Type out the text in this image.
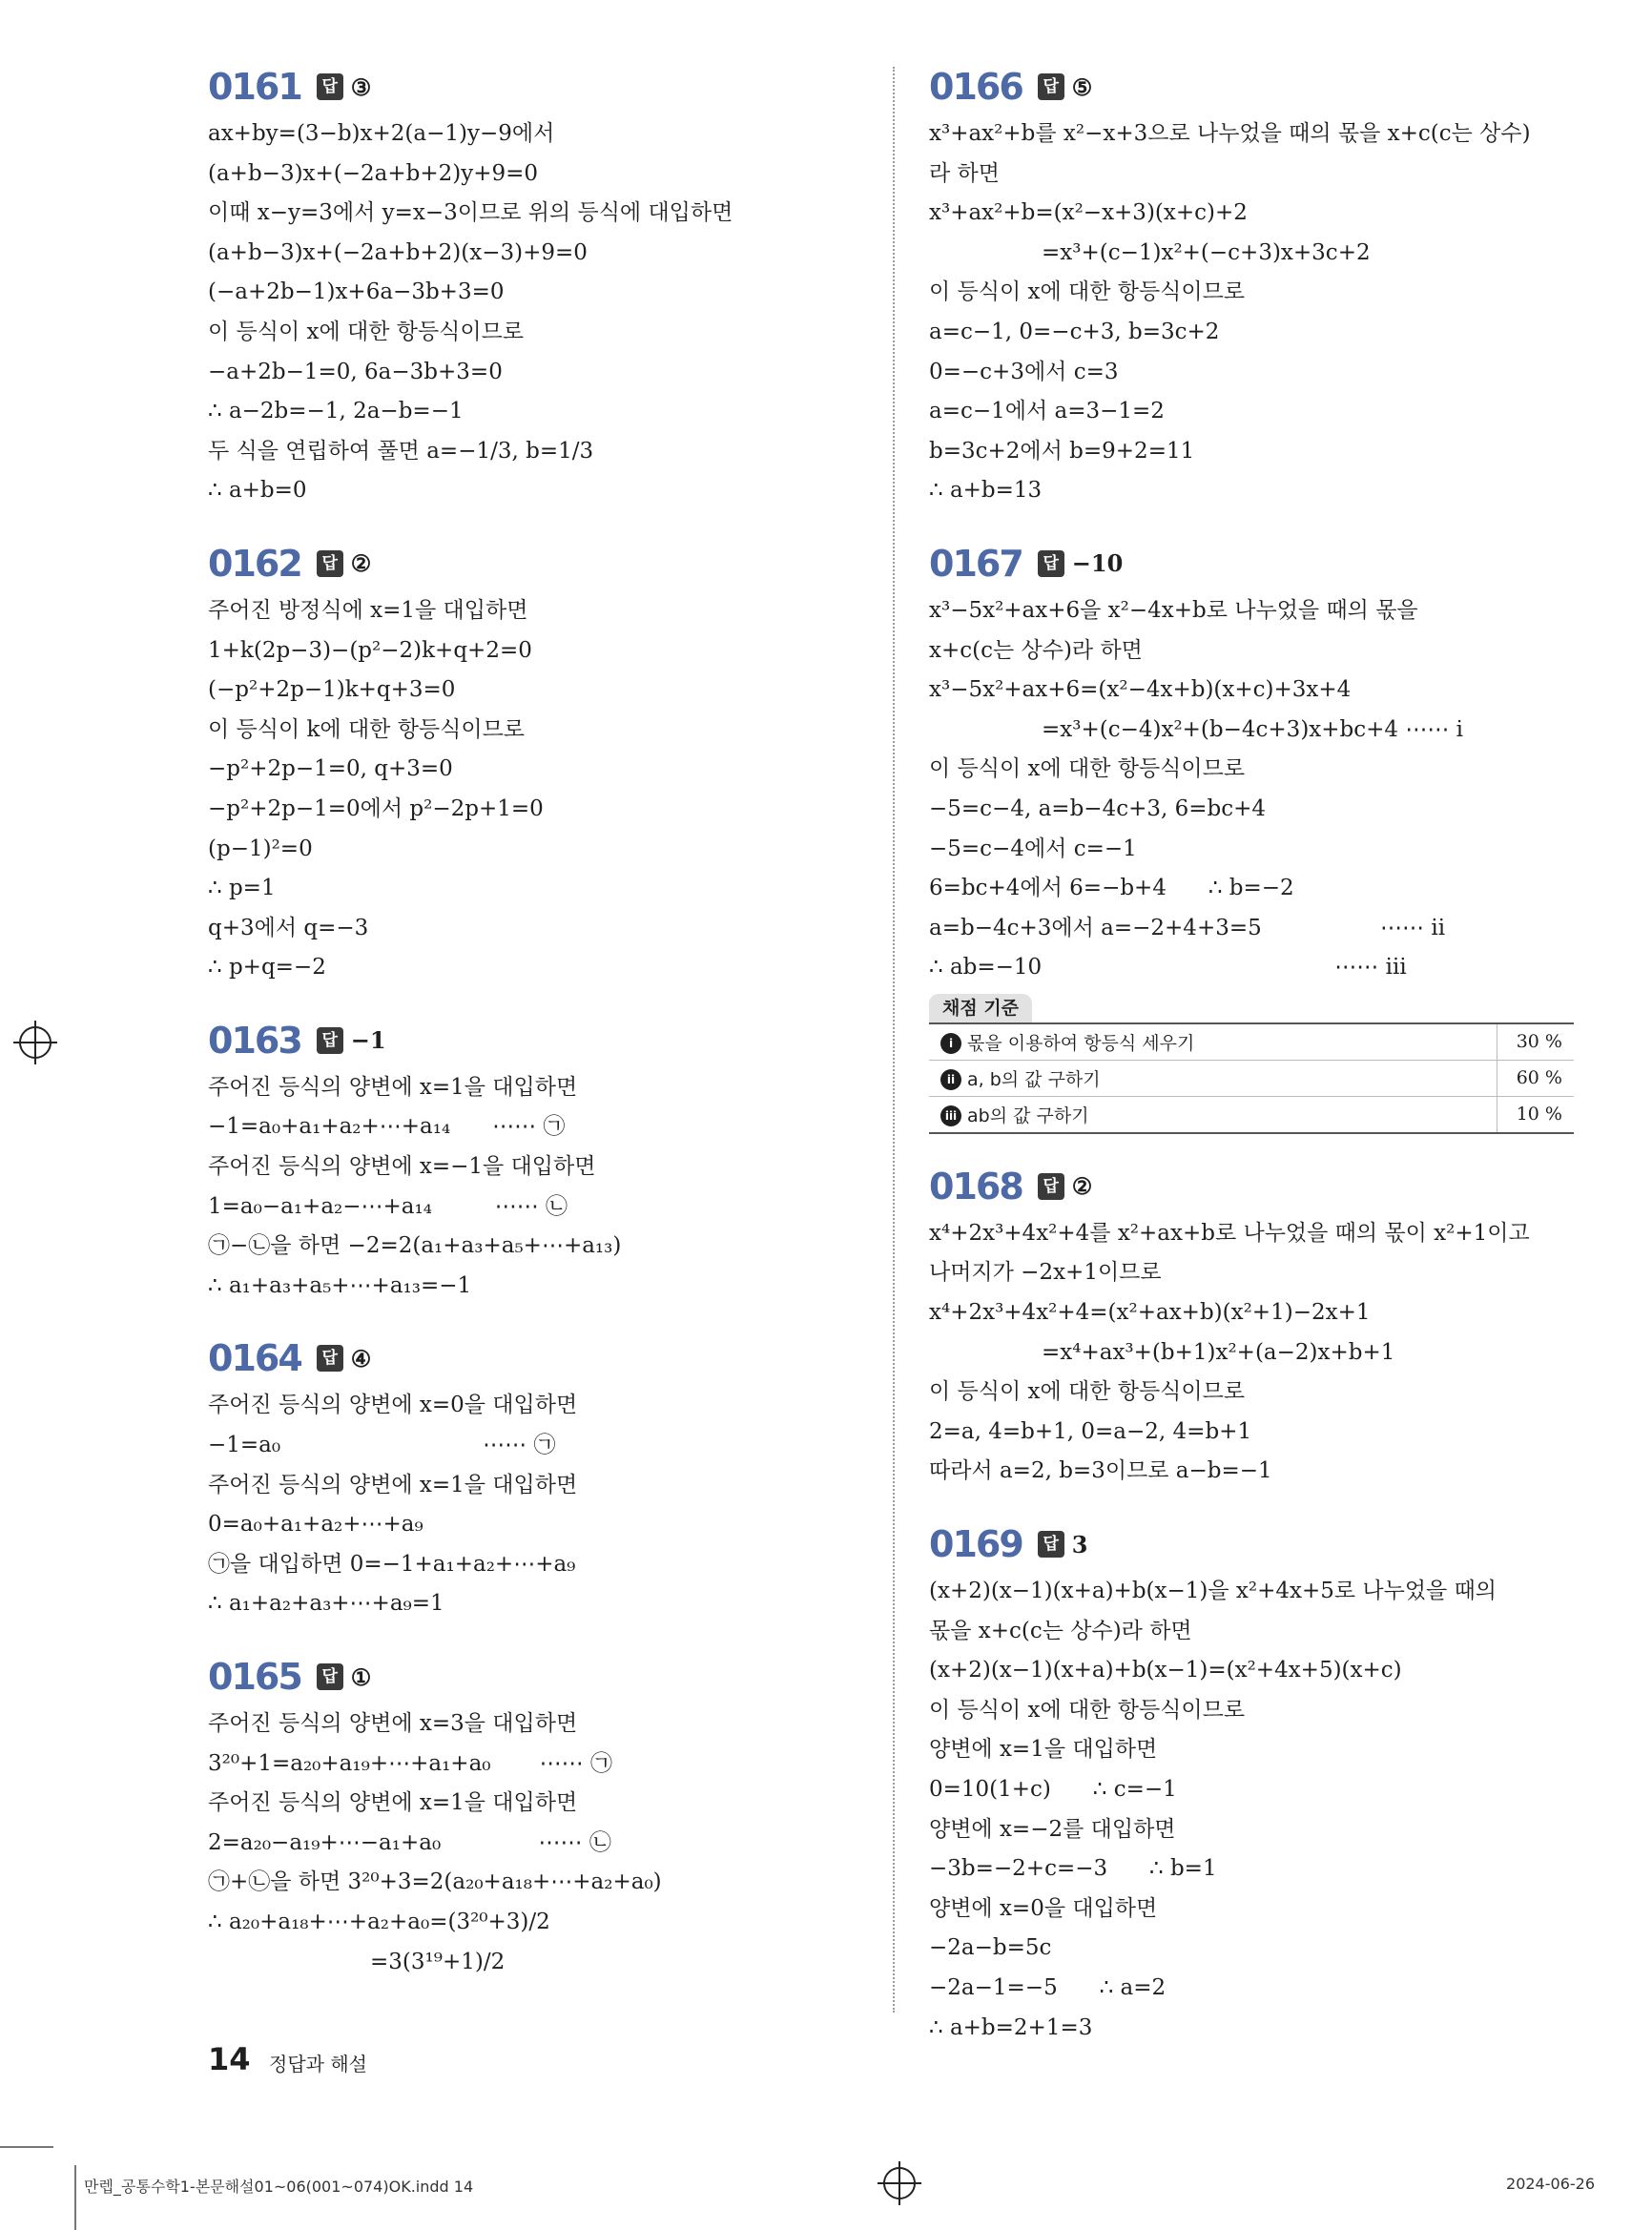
0161	답 ③
ax+by=(3−b)x+2(a−1)y−9에서
(a+b−3)x+(−2a+b+2)y+9=0
이때 x−y=3에서 y=x−3이므로 위의 등식에 대입하면
(a+b−3)x+(−2a+b+2)(x−3)+9=0
(−a+2b−1)x+6a−3b+3=0
이 등식이 x에 대한 항등식이므로
−a+2b−1=0, 6a−3b+3=0
∴ a−2b=−1, 2a−b=−1
두 식을 연립하여 풀면 a=−1/3, b=1/3
∴ a+b=0
0162	답 ②
주어진 방정식에 x=1을 대입하면
1+k(2p−3)−(p²−2)k+q+2=0
(−p²+2p−1)k+q+3=0
이 등식이 k에 대한 항등식이므로
−p²+2p−1=0, q+3=0
−p²+2p−1=0에서 p²−2p+1=0
(p−1)²=0
∴ p=1
q+3에서 q=−3
∴ p+q=−2
0163	답 −1
주어진 등식의 양변에 x=1을 대입하면
−1=a₀+a₁+a₂+⋯+a₁₄      ⋯⋯ ㉠
주어진 등식의 양변에 x=−1을 대입하면
1=a₀−a₁+a₂−⋯+a₁₄         ⋯⋯ ㉡
㉠−㉡을 하면 −2=2(a₁+a₃+a₅+⋯+a₁₃)
∴ a₁+a₃+a₅+⋯+a₁₃=−1
0164	답 ④
주어진 등식의 양변에 x=0을 대입하면
−1=a₀                             ⋯⋯ ㉠
주어진 등식의 양변에 x=1을 대입하면
0=a₀+a₁+a₂+⋯+a₉
㉠을 대입하면 0=−1+a₁+a₂+⋯+a₉
∴ a₁+a₂+a₃+⋯+a₉=1
0165	답 ①
주어진 등식의 양변에 x=3을 대입하면
3²⁰+1=a₂₀+a₁₉+⋯+a₁+a₀       ⋯⋯ ㉠
주어진 등식의 양변에 x=1을 대입하면
2=a₂₀−a₁₉+⋯−a₁+a₀              ⋯⋯ ㉡
㉠+㉡을 하면 3²⁰+3=2(a₂₀+a₁₈+⋯+a₂+a₀)
∴ a₂₀+a₁₈+⋯+a₂+a₀=(3²⁰+3)/2
=3(3¹⁹+1)/2
0166	답 ⑤
x³+ax²+b를 x²−x+3으로 나누었을 때의 몫을 x+c(c는 상수)
라 하면
x³+ax²+b=(x²−x+3)(x+c)+2
=x³+(c−1)x²+(−c+3)x+3c+2
이 등식이 x에 대한 항등식이므로
a=c−1, 0=−c+3, b=3c+2
0=−c+3에서 c=3
a=c−1에서 a=3−1=2
b=3c+2에서 b=9+2=11
∴ a+b=13
0167	답 −10
x³−5x²+ax+6을 x²−4x+b로 나누었을 때의 몫을
x+c(c는 상수)라 하면
x³−5x²+ax+6=(x²−4x+b)(x+c)+3x+4
=x³+(c−4)x²+(b−4c+3)x+bc+4 ⋯⋯ ⅰ
이 등식이 x에 대한 항등식이므로
−5=c−4, a=b−4c+3, 6=bc+4
−5=c−4에서 c=−1
6=bc+4에서 6=−b+4      ∴ b=−2
a=b−4c+3에서 a=−2+4+3=5                 ⋯⋯ ⅱ
∴ ab=−10                                          ⋯⋯ ⅲ
채점 기준
i 몫을 이용하여 항등식 세우기	30 %
ii a, b의 값 구하기	60 %
iii ab의 값 구하기	10 %
0168	답 ②
x⁴+2x³+4x²+4를 x²+ax+b로 나누었을 때의 몫이 x²+1이고
나머지가 −2x+1이므로
x⁴+2x³+4x²+4=(x²+ax+b)(x²+1)−2x+1
=x⁴+ax³+(b+1)x²+(a−2)x+b+1
이 등식이 x에 대한 항등식이므로
2=a, 4=b+1, 0=a−2, 4=b+1
따라서 a=2, b=3이므로 a−b=−1
0169	답 3
(x+2)(x−1)(x+a)+b(x−1)을 x²+4x+5로 나누었을 때의
몫을 x+c(c는 상수)라 하면
(x+2)(x−1)(x+a)+b(x−1)=(x²+4x+5)(x+c)
이 등식이 x에 대한 항등식이므로
양변에 x=1을 대입하면
0=10(1+c)      ∴ c=−1
양변에 x=−2를 대입하면
−3b=−2+c=−3      ∴ b=1
양변에 x=0을 대입하면
−2a−b=5c
−2a−1=−5      ∴ a=2
∴ a+b=2+1=3
14 정답과 해설
만렙_공통수학1-본문해설01~06(001~074)OK.indd 14	2024-06-26
